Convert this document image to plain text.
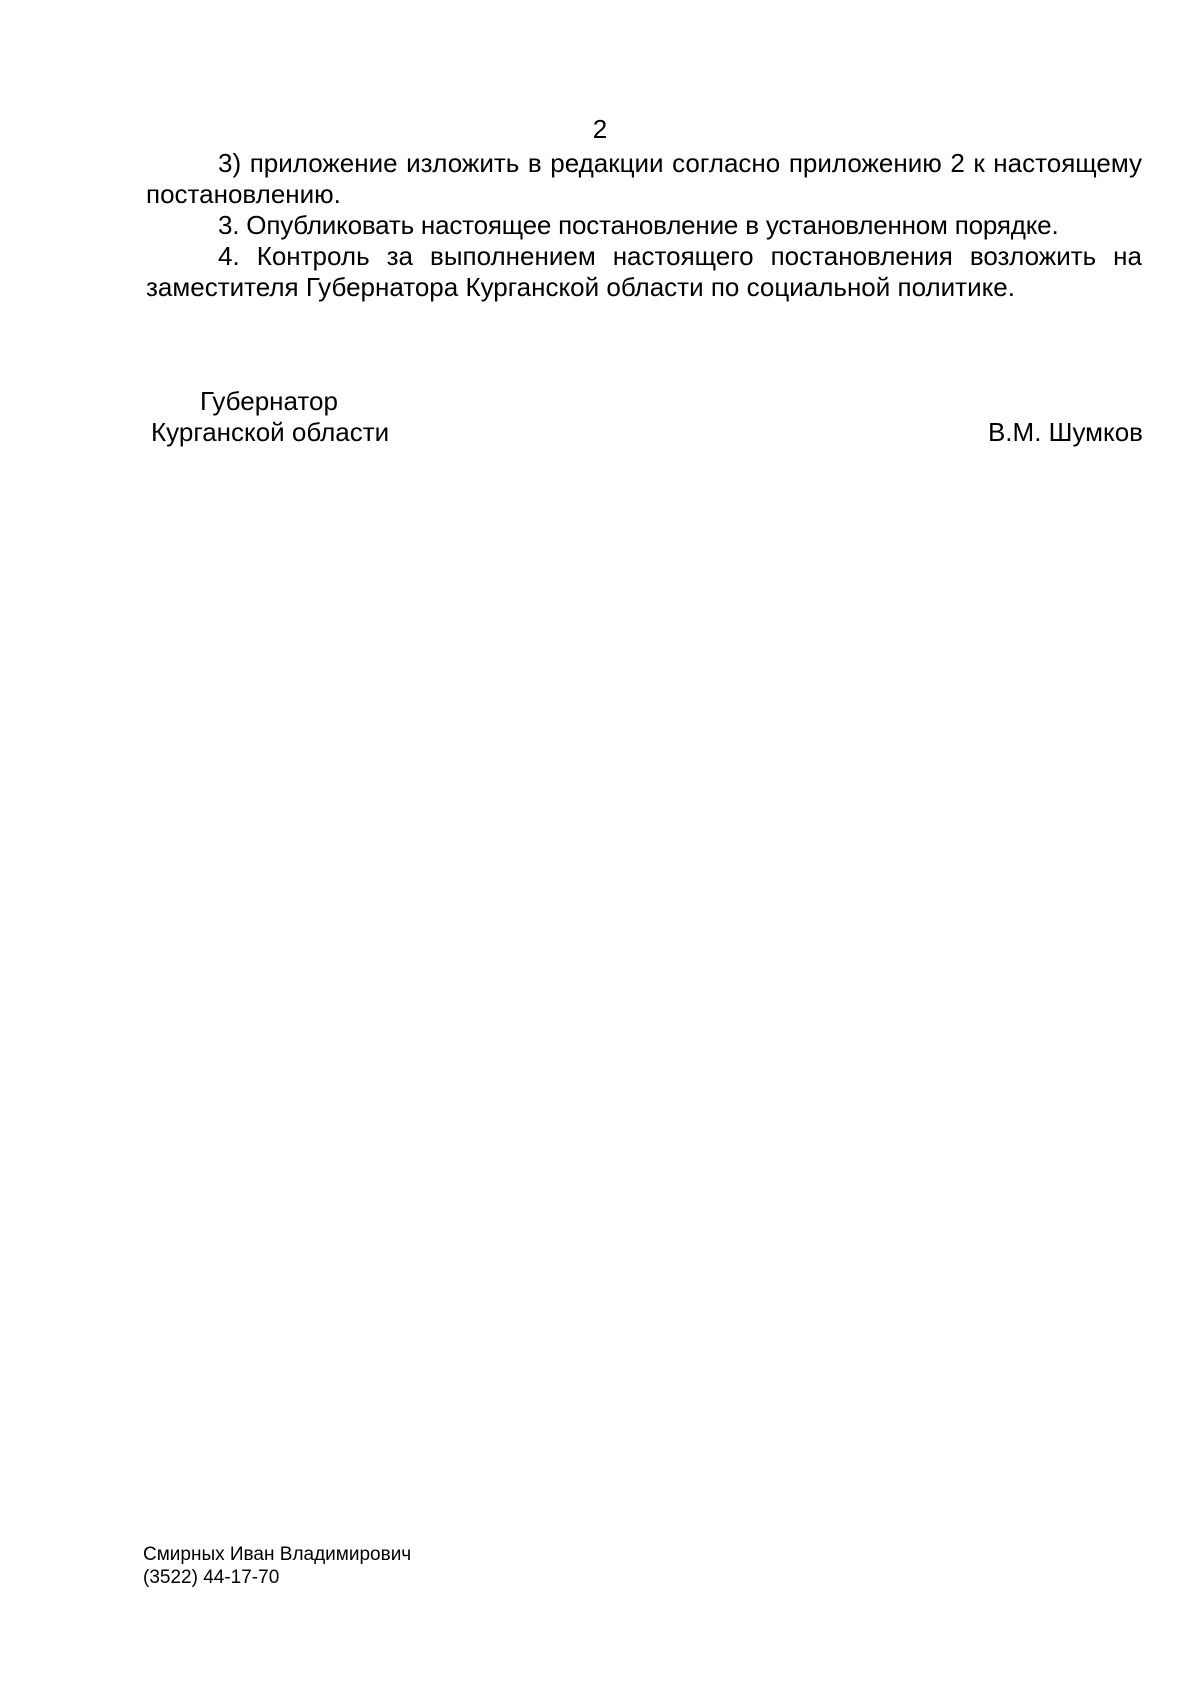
2

3) приложение изложить в редакции согласно приложению 2 к настоящему постановлению.

3. Опубликовать настоящее постановление в установленном порядке.

4. Контроль за выполнением настоящего постановления возложить на заместителя Губернатора Курганской области по социальной политике.

Губернатор
Курганской области	В.М. Шумков
Смирных Иван Владимирович
(3522) 44-17-70
